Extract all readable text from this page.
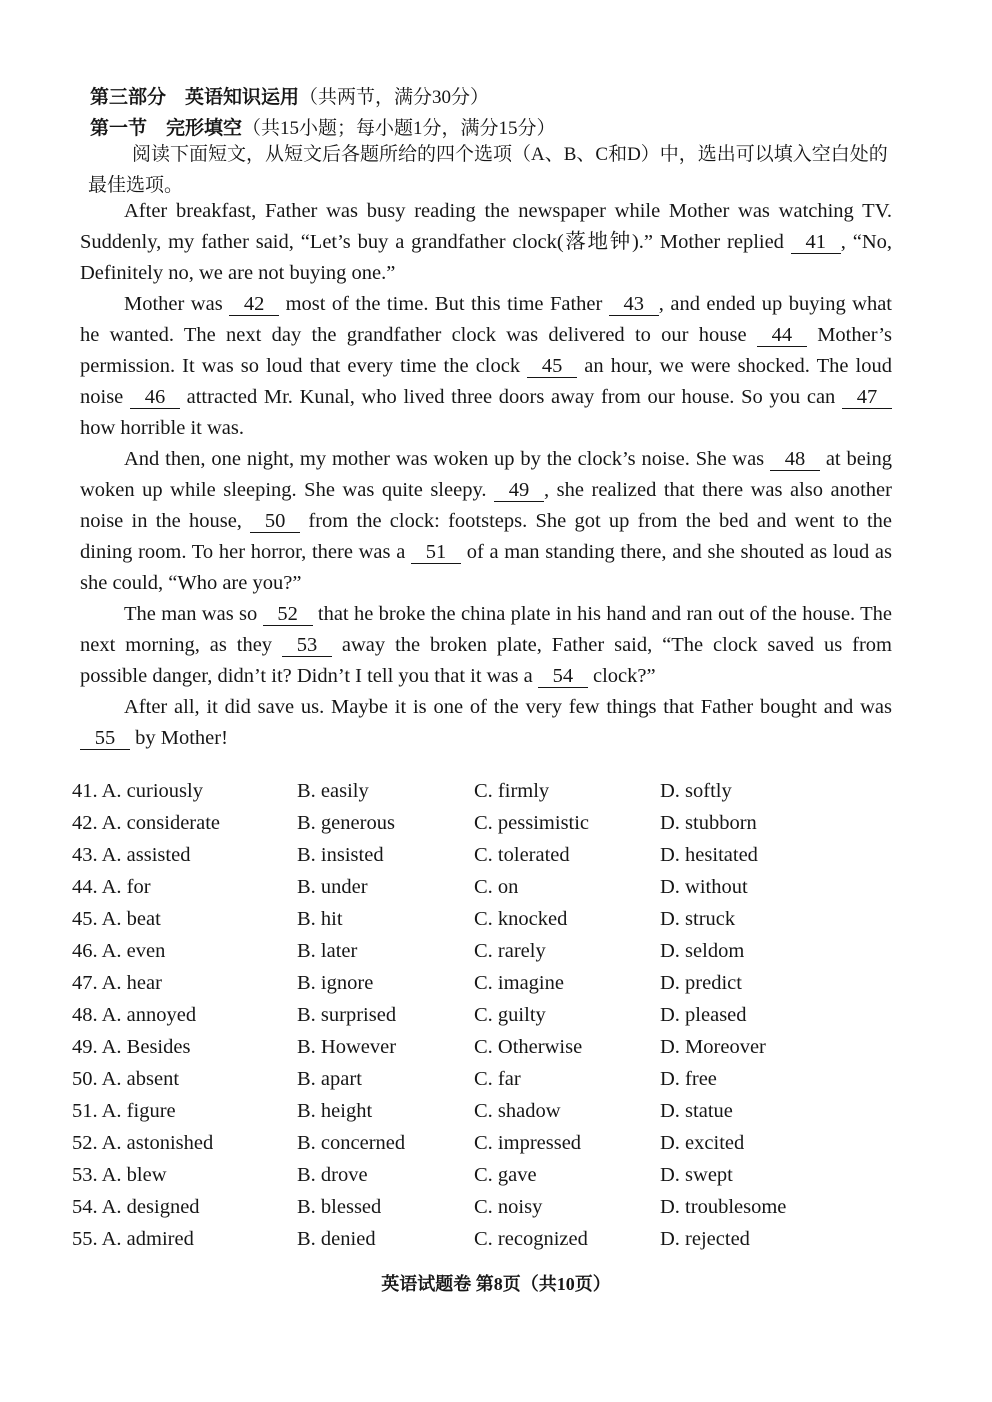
第三部分　英语知识运用（共两节，满分30分）
第一节　完形填空（共15小题；每小题1分，满分15分）
阅读下面短文，从短文后各题所给的四个选项（A、B、C和D）中，选出可以填入空白处的最佳选项。

After breakfast, Father was busy reading the newspaper while Mother was watching TV. Suddenly, my father said, “Let’s buy a grandfather clock(落地钟).” Mother replied 41 , “No, Definitely no, we are not buying one.”

Mother was 42 most of the time. But this time Father 43 , and ended up buying what he wanted. The next day the grandfather clock was delivered to our house 44 Mother’s permission. It was so loud that every time the clock 45 an hour, we were shocked. The loud noise 46 attracted Mr. Kunal, who lived three doors away from our house. So you can 47 how horrible it was.

And then, one night, my mother was woken up by the clock’s noise. She was 48 at being woken up while sleeping. She was quite sleepy. 49 , she realized that there was also another noise in the house, 50 from the clock: footsteps. She got up from the bed and went to the dining room. To her horror, there was a 51 of a man standing there, and she shouted as loud as she could, “Who are you?”

The man was so 52 that he broke the china plate in his hand and ran out of the house. The next morning, as they 53 away the broken plate, Father said, “The clock saved us from possible danger, didn’t it? Didn’t I tell you that it was a 54 clock?”

After all, it did save us. Maybe it is one of the very few things that Father bought and was 55 by Mother!

41. A. curiously	B. easily	C. firmly	D. softly
42. A. considerate	B. generous	C. pessimistic	D. stubborn
43. A. assisted	B. insisted	C. tolerated	D. hesitated
44. A. for	B. under	C. on	D. without
45. A. beat	B. hit	C. knocked	D. struck
46. A. even	B. later	C. rarely	D. seldom
47. A. hear	B. ignore	C. imagine	D. predict
48. A. annoyed	B. surprised	C. guilty	D. pleased
49. A. Besides	B. However	C. Otherwise	D. Moreover
50. A. absent	B. apart	C. far	D. free
51. A. figure	B. height	C. shadow	D. statue
52. A. astonished	B. concerned	C. impressed	D. excited
53. A. blew	B. drove	C. gave	D. swept
54. A. designed	B. blessed	C. noisy	D. troublesome
55. A. admired	B. denied	C. recognized	D. rejected
英语试题卷 第8页（共10页）
